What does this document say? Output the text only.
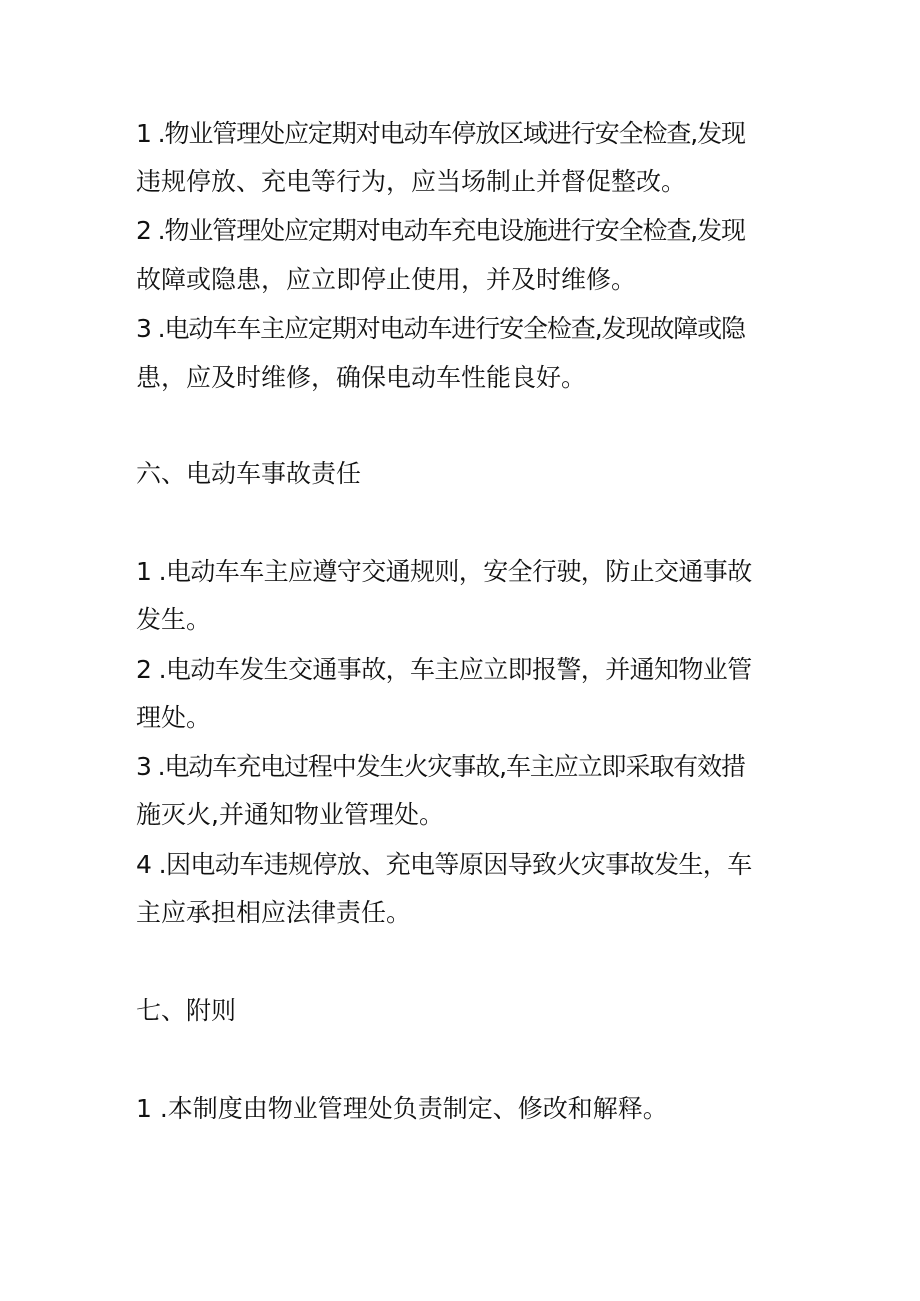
1 .物业管理处应定期对电动车停放区域进行安全检查,发现
违规停放、充电等行为，应当场制止并督促整改。
2 .物业管理处应定期对电动车充电设施进行安全检查,发现
故障或隐患，应立即停止使用，并及时维修。
3 .电动车车主应定期对电动车进行安全检查,发现故障或隐
患，应及时维修，确保电动车性能良好。
六、电动车事故责任
1 .电动车车主应遵守交通规则，安全行驶，防止交通事故
发生。
2 .电动车发生交通事故，车主应立即报警，并通知物业管
理处。
3 .电动车充电过程中发生火灾事故,车主应立即采取有效措
施灭火,并通知物业管理处。
4 .因电动车违规停放、充电等原因导致火灾事故发生，车
主应承担相应法律责任。
七、附则
1 .本制度由物业管理处负责制定、修改和解释。
